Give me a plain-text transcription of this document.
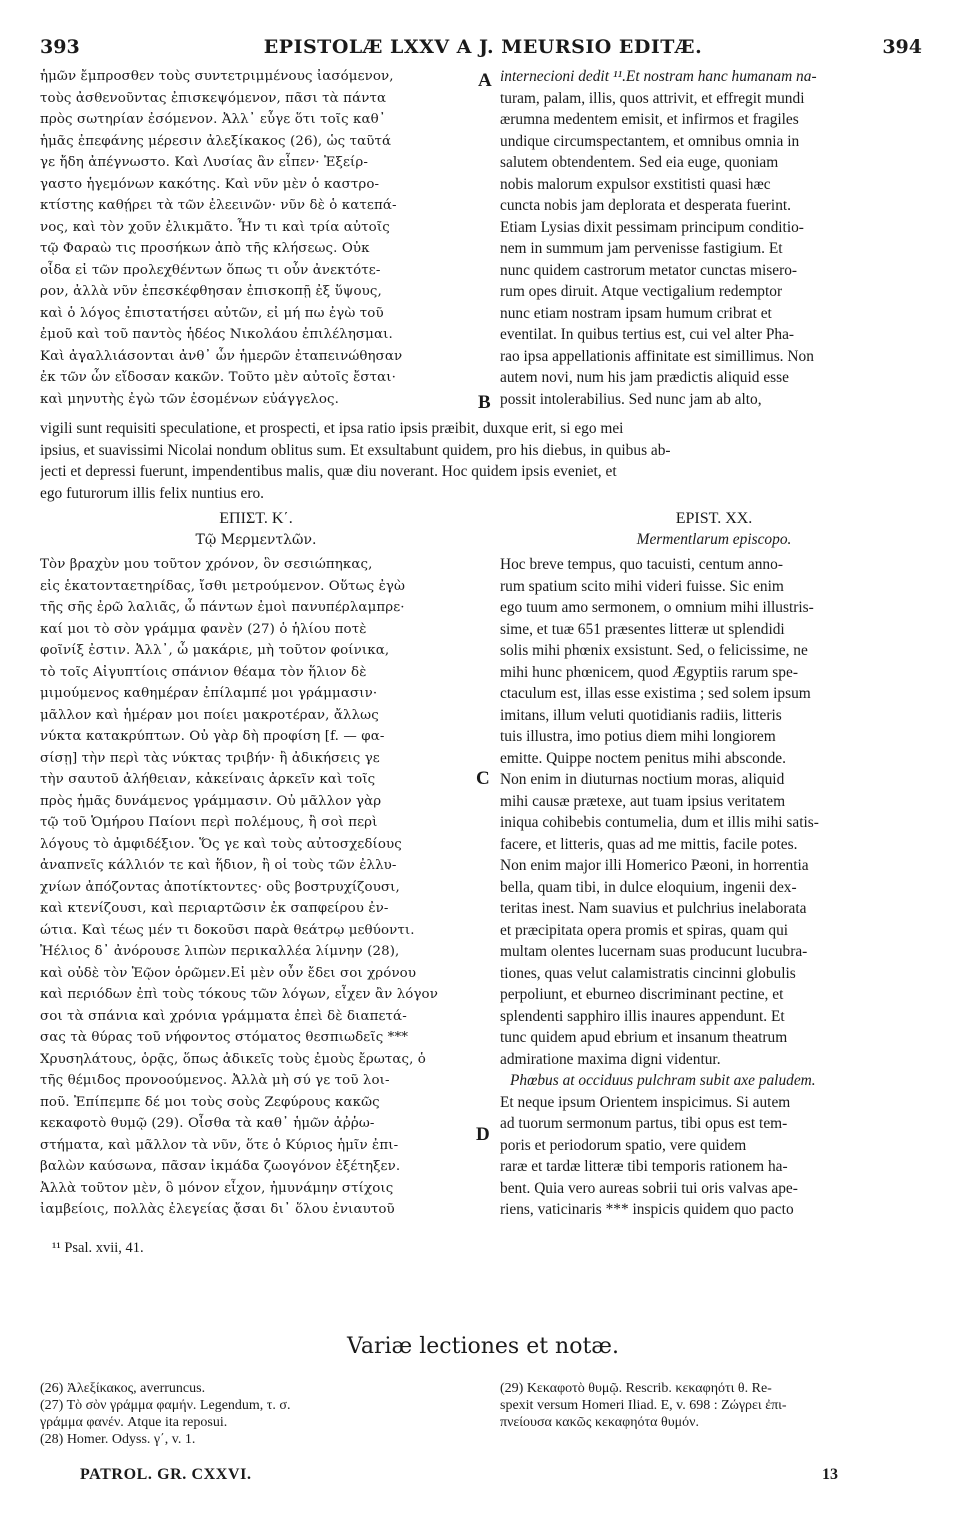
393	EPISTOLÆ LXXV A J. MEURSIO EDITÆ.	394
ἡμῶν ἔμπροσθεν τοὺς συντετριμμένους ἰασόμενον,
τοὺς ἀσθενοῦντας ἐπισκεψόμενον, πᾶσι τὰ πάντα
πρὸς σωτηρίαν ἐσόμενον. Ἀλλ᾽ εὖγε ὅτι τοῖς καθ᾽
ἡμᾶς ἐπεφάνης μέρεσιν ἀλεξίκακος (26), ὡς ταῦτά
γε ἤδη ἀπέγνωστο. Καὶ Λυσίας ἂν εἶπεν· Ἐξείρ-
γαστο ἡγεμόνων κακότης. Καὶ νῦν μὲν ὁ καστρο-
κτίστης καθῄρει τὰ τῶν ἐλεεινῶν· νῦν δὲ ὁ κατεπά-
νος, καὶ τὸν χοῦν ἐλικμᾶτο. Ἦν τι καὶ τρία αὐτοῖς
τῷ Φαραὼ τις προσήκων ἀπὸ τῆς κλήσεως. Οὐκ
οἶδα εἰ τῶν προλεχθέντων ὅπως τι οὖν ἀνεκτότε-
ρον, ἀλλὰ νῦν ἐπεσκέφθησαν ἐπισκοπῇ ἐξ ὕψους,
καὶ ὁ λόγος ἐπιστατήσει αὐτῶν, εἰ μή πω ἐγὼ τοῦ
ἐμοῦ καὶ τοῦ παντὸς ἡδέος Νικολάου ἐπιλέλησμαι.
Καὶ ἀγαλλιάσονται ἀνθ᾽ ὧν ἡμερῶν ἐταπεινώθησαν
ἐκ τῶν ὧν εἴδοσαν κακῶν. Τοῦτο μὲν αὐτοῖς ἔσται·
καὶ μηνυτὴς ἐγὼ τῶν ἐσομένων εὐάγγελος.
A
B
internecioni dedit ¹¹.Et nostram hanc humanam na-
turam, palam, illis, quos attrivit, et effregit mundi
ærumna medentem emisit, et infirmos et fragiles
undique circumspectantem, et omnibus omnia in
salutem obtendentem. Sed eia euge, quoniam
nobis malorum expulsor exstitisti quasi hæc
cuncta nobis jam deplorata et desperata fuerint.
Etiam Lysias dixit pessimam principum conditio-
nem in summum jam pervenisse fastigium. Et
nunc quidem castrorum metator cunctas misero-
rum opes diruit. Atque vectigalium redemptor
nunc etiam nostram ipsam humum cribrat et
eventilat. In quibus tertius est, cui vel alter Pha-
rao ipsa appellationis affinitate est simillimus. Non
autem novi, num his jam prædictis aliquid esse
possit intolerabilius. Sed nunc jam ab alto,
vigili sunt requisiti speculatione, et prospecti, et ipsa ratio ipsis præibit, duxque erit, si ego mei
ipsius, et suavissimi Nicolai nondum oblitus sum. Et exsultabunt quidem, pro his diebus, in quibus ab-
jecti et depressi fuerunt, impendentibus malis, quæ diu noverant. Hoc quidem ipsis eveniet, et
ego futurorum illis felix nuntius ero.
ΕΠΙΣΤ. Κ΄.
Τῷ Μερμεντλῶν.
EPIST. XX.
Mermentlarum episcopo.
Τὸν βραχὺν μου τοῦτον χρόνον, ὃν σεσιώπηκας,
εἰς ἑκατονταετηρίδας, ἴσθι μετρούμενον. Οὕτως ἐγὼ
τῆς σῆς ἐρῶ λαλιᾶς, ὦ πάντων ἐμοὶ πανυπέρλαμπρε·
καί μοι τὸ σὸν γράμμα φανὲν (27) ὁ ἡλίου ποτὲ
φοῖνίξ ἐστιν. Ἀλλ᾽, ὦ μακάριε, μὴ τοῦτον φοίνικα,
τὸ τοῖς Αἰγυπτίοις σπάνιον θέαμα τὸν ἥλιον δὲ
μιμούμενος καθημέραν ἐπίλαμπέ μοι γράμμασιν·
μᾶλλον καὶ ἡμέραν μοι ποίει μακροτέραν, ἄλλως
νύκτα κατακρύπτων. Οὐ γὰρ δὴ προφίση [f. — φα-
σίσῃ] τὴν περὶ τὰς νύκτας τριβήν· ἢ ἀδικήσεις γε
τὴν σαυτοῦ ἀλήθειαν, κἀκείναις ἀρκεῖν καὶ τοῖς
πρὸς ἡμᾶς δυνάμενος γράμμασιν. Οὐ μᾶλλον γὰρ
τῷ τοῦ Ὁμήρου Παίονι περὶ πολέμους, ἢ σοὶ περὶ
λόγους τὸ ἀμφιδέξιον. Ὅς γε καὶ τοὺς αὐτοσχεδίους
ἀναπνεῖς κάλλιόν τε καὶ ἥδιον, ἢ οἱ τοὺς τῶν ἐλλυ-
χνίων ἀπόζοντας ἀποτίκτοντες· οὓς βοστρυχίζουσι,
καὶ κτενίζουσι, καὶ περιαρτῶσιν ἐκ σαπφείρου ἐν-
ώτια. Καὶ τέως μέν τι δοκοῦσι παρὰ θεάτρῳ μεθύοντι.
Ἠέλιος δ᾽ ἀνόρουσε λιπὼν περικαλλέα λίμνην (28),
καὶ οὐδὲ τὸν Ἑῷον ὁρῶμεν.Εἰ μὲν οὖν ἔδει σοι χρόνου
καὶ περιόδων ἐπὶ τοὺς τόκους τῶν λόγων, εἶχεν ἂν λόγον
σοι τὰ σπάνια καὶ χρόνια γράμματα ἐπεὶ δὲ διαπετά-
σας τὰ θύρας τοῦ νήφοντος στόματος θεσπιωδεῖς ***
Χρυσηλάτους, ὁρᾷς, ὅπως ἀδικεῖς τοὺς ἐμοὺς ἔρωτας, ὁ
τῆς θέμιδος προνοούμενος. Ἀλλὰ μὴ σύ γε τοῦ λοι-
ποῦ. Ἐπίπεμπε δέ μοι τοὺς σοὺς Ζεφύρους κακῶς
κεκαφοτὸ θυμῷ (29). Οἶσθα τὰ καθ᾽ ἡμῶν ἀῤῥω-
στήματα, καὶ μᾶλλον τὰ νῦν, ὅτε ὁ Κύριος ἡμῖν ἐπι-
βαλὼν καύσωνα, πᾶσαν ἰκμάδα ζωογόνον ἐξέτηξεν.
Ἀλλὰ τοῦτον μὲν, ὃ μόνον εἶχον, ἠμυνάμην στίχοις
ἰαμβείοις, πολλὰς ἐλεγείας ᾄσαι δι᾽ ὅλου ἐνιαυτοῦ
C
D
Hoc breve tempus, quo tacuisti, centum anno-
rum spatium scito mihi videri fuisse. Sic enim
ego tuum amo sermonem, o omnium mihi illustris-
sime, et tuæ 651 præsentes litteræ ut splendidi
solis mihi phœnix exsistunt. Sed, o felicissime, ne
mihi hunc phœnicem, quod Ægyptiis rarum spe-
ctaculum est, illas esse existima ; sed solem ipsum
imitans, illum veluti quotidianis radiis, litteris
tuis illustra, imo potius diem mihi longiorem
emitte. Quippe noctem penitus mihi absconde.
Non enim in diuturnas noctium moras, aliquid
mihi causæ prætexe, aut tuam ipsius veritatem
iniqua cohibebis contumelia, dum et illis mihi satis-
facere, et litteris, quas ad me mittis, facile potes.
Non enim major illi Homerico Pæoni, in horrentia
bella, quam tibi, in dulce eloquium, ingenii dex-
teritas inest. Nam suavius et pulchrius inelaborata
et præcipitata opera promis et spiras, quam qui
multam olentes lucernam suas producunt lucubra-
tiones, quas velut calamistratis cincinni globulis
perpoliunt, et eburneo discriminant pectine, et
splendenti sapphiro illis inaures appendunt. Et
tunc quidem apud ebrium et insanum theatrum
admiratione maxima digni videntur.
Phœbus at occiduus pulchram subit axe paludem.
Et neque ipsum Orientem inspicimus. Si autem
ad tuorum sermonum partus, tibi opus est tem-
poris et periodorum spatio, vere quidem
raræ et tardæ litteræ tibi temporis rationem ha-
bent. Quia vero aureas sobrii tui oris valvas ape-
riens, vaticinaris *** inspicis quidem quo pacto
¹¹ Psal. xvii, 41.
Variæ lectiones et notæ.
(26) Ἀλεξίκακος, averruncus.
(27) Τὸ σὸν γράμμα φαμήν. Legendum, τ. σ.
γράμμα φανέν. Atque ita reposui.
(28) Homer. Odyss. γ΄, v. 1.
(29) Κεκαφοτὸ θυμῷ. Rescrib. κεκαφηότι θ. Re-
spexit versum Homeri Iliad. E, v. 698 : Ζώγρει ἐπι-
πνείουσα κακῶς κεκαφηότα θυμόν.
PATROL. GR. CXXVI.	13
